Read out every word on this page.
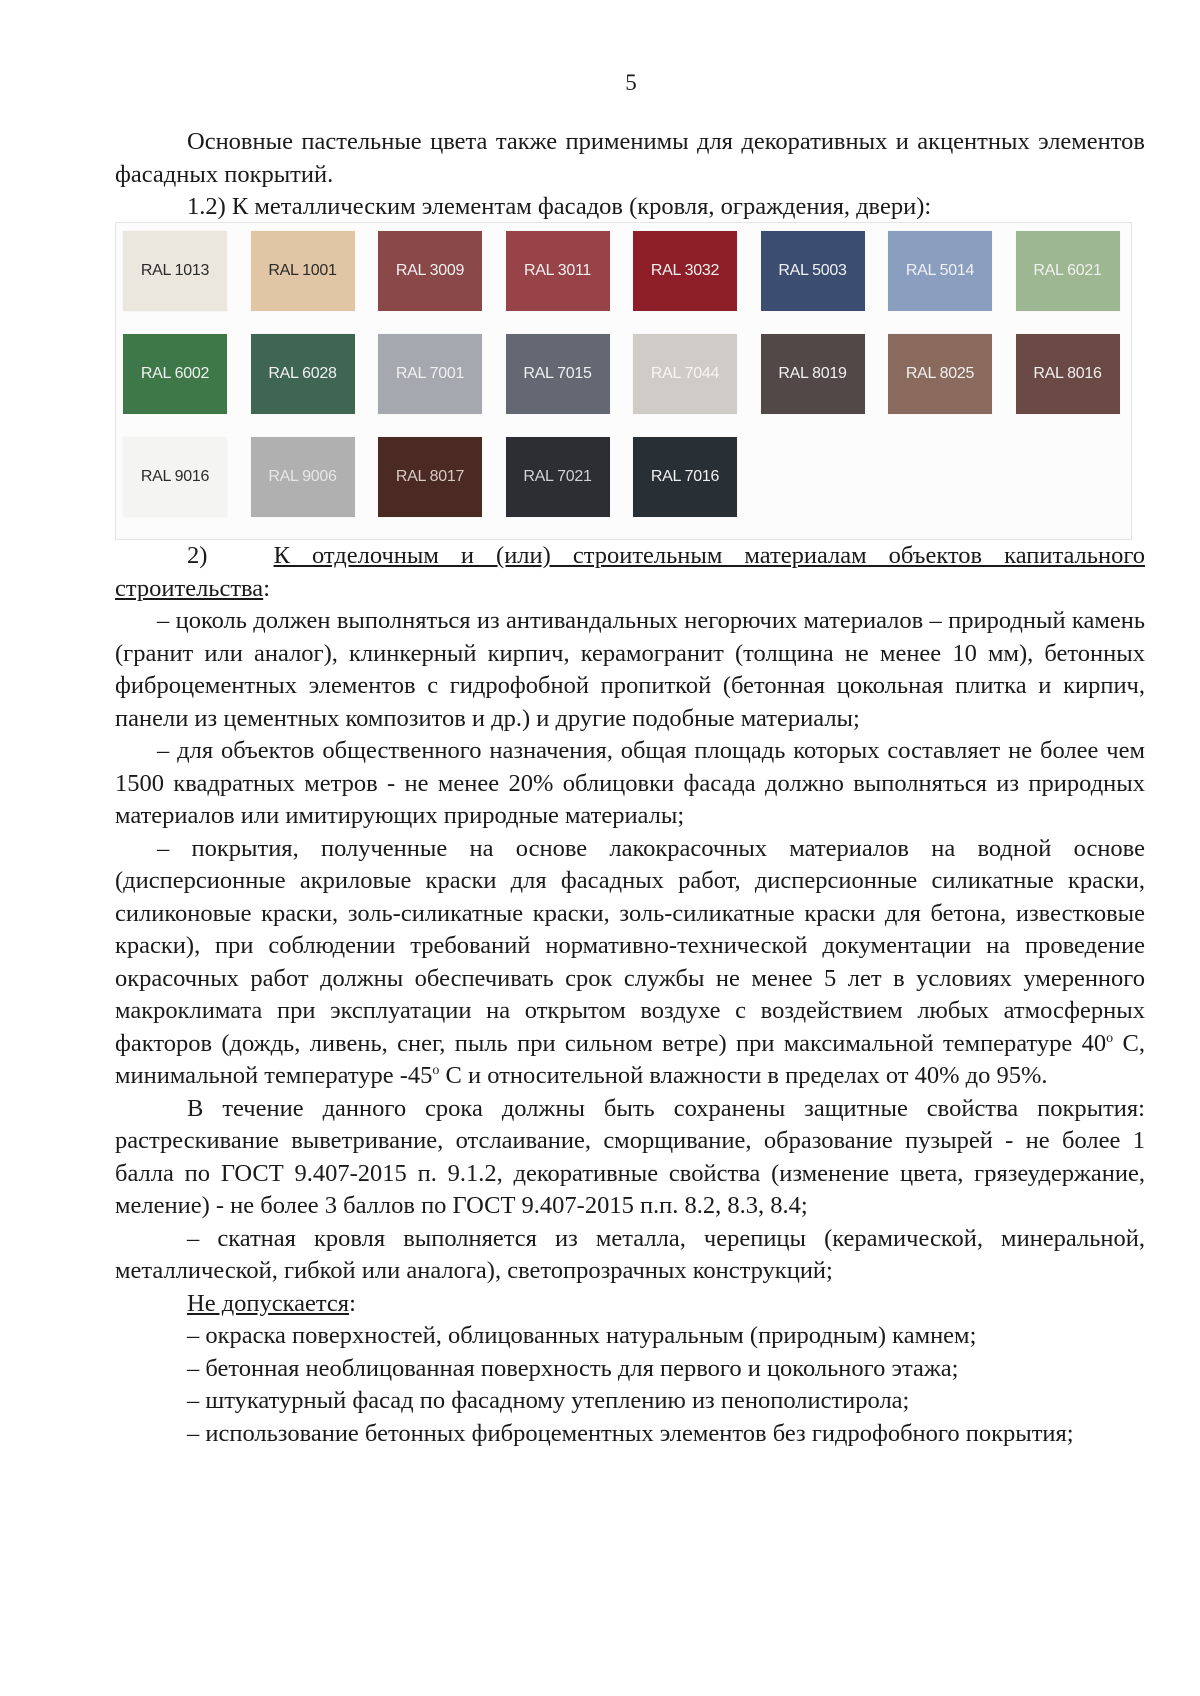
5

Основные пастельные цвета также применимы для декоративных и акцентных элементов фасадных покрытий.

1.2) К металлическим элементам фасадов (кровля, ограждения, двери):

RAL 1013	RAL 1001	RAL 3009	RAL 3011	RAL 3032	RAL 5003	RAL 5014	RAL 6021
RAL 6002	RAL 6028	RAL 7001	RAL 7015	RAL 7044	RAL 8019	RAL 8025	RAL 8016
RAL 9016	RAL 9006	RAL 8017	RAL 7021	RAL 7016

2)	К отделочным и (или) строительным материалам объектов капитального строительства:

– цоколь должен выполняться из антивандальных негорючих материалов – природный камень (гранит или аналог), клинкерный кирпич, керамогранит (толщина не менее 10 мм), бетонных фиброцементных элементов с гидрофобной пропиткой (бетонная цокольная плитка и кирпич, панели из цементных композитов и др.) и другие подобные материалы;

– для объектов общественного назначения, общая площадь которых составляет не более чем 1500 квадратных метров - не менее 20% облицовки фасада должно выполняться из природных материалов или имитирующих природные материалы;

– покрытия, полученные на основе лакокрасочных материалов на водной основе (дисперсионные акриловые краски для фасадных работ, дисперсионные силикатные краски, силиконовые краски, золь-силикатные краски, золь-силикатные краски для бетона, известковые краски), при соблюдении требований нормативно-технической документации на проведение окрасочных работ должны обеспечивать срок службы не менее 5 лет в условиях умеренного макроклимата при эксплуатации на открытом воздухе с воздействием любых атмосферных факторов (дождь, ливень, снег, пыль при сильном ветре) при максимальной температуре $40^о$ С, минимальной температуре $-45^о$ С и относительной влажности в пределах от 40% до 95%.

В течение данного срока должны быть сохранены защитные свойства покрытия: растрескивание выветривание, отслаивание, сморщивание, образование пузырей - не более 1 балла по ГОСТ 9.407-2015 п. 9.1.2, декоративные свойства (изменение цвета, грязеудержание, меление) - не более 3 баллов по ГОСТ 9.407-2015 п.п. 8.2, 8.3, 8.4;

– скатная кровля выполняется из металла, черепицы (керамической, минеральной, металлической, гибкой или аналога), светопрозрачных конструкций;

Не допускается:

– окраска поверхностей, облицованных натуральным (природным) камнем;

– бетонная необлицованная поверхность для первого и цокольного этажа;

– штукатурный фасад по фасадному утеплению из пенополистирола;

– использование бетонных фиброцементных элементов без гидрофобного покрытия;
